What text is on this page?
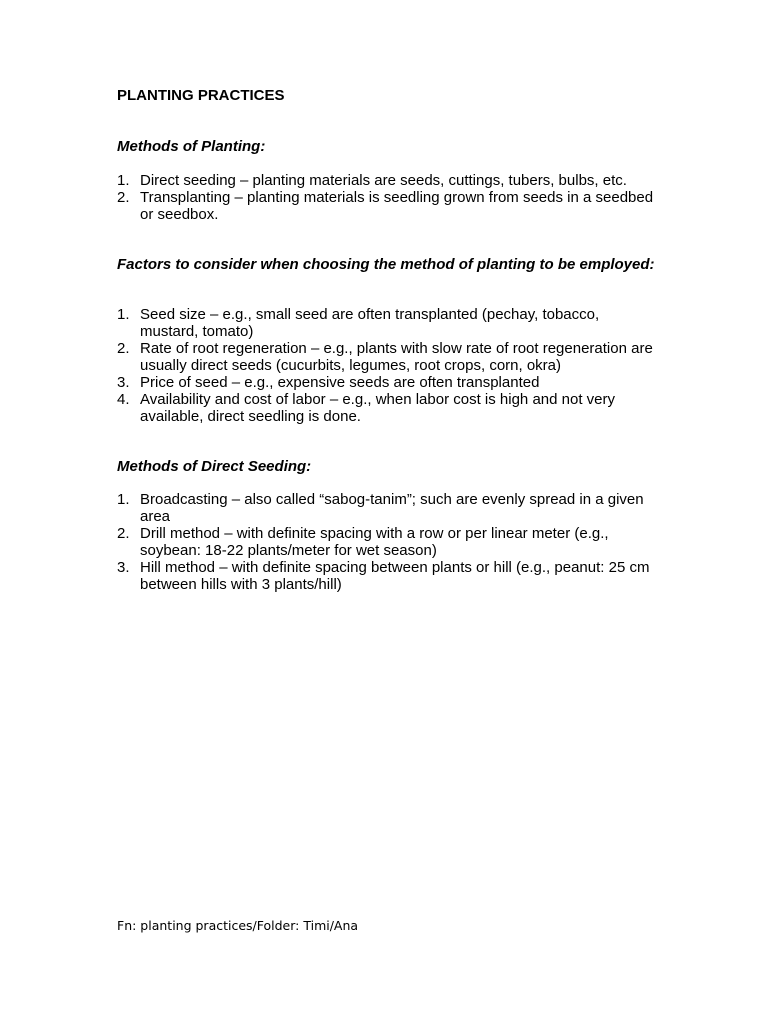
PLANTING PRACTICES

Methods of Planting:

1. Direct seeding – planting materials are seeds, cuttings, tubers, bulbs, etc.
2. Transplanting – planting materials is seedling grown from seeds in a seedbed or seedbox.

Factors to consider when choosing the method of planting to be employed:

1. Seed size – e.g., small seed are often transplanted (pechay, tobacco, mustard, tomato)
2. Rate of root regeneration – e.g., plants with slow rate of root regeneration are usually direct seeds (cucurbits, legumes, root crops, corn, okra)
3. Price of seed – e.g., expensive seeds are often transplanted
4. Availability and cost of labor – e.g., when labor cost is high and not very available, direct seedling is done.

Methods of Direct Seeding:

1. Broadcasting – also called “sabog-tanim”; such are evenly spread in a given area
2. Drill method – with definite spacing with a row or per linear meter (e.g., soybean: 18-22 plants/meter for wet season)
3. Hill method – with definite spacing between plants or hill (e.g., peanut: 25 cm between hills with 3 plants/hill)

Fn: planting practices/Folder: Timi/Ana
